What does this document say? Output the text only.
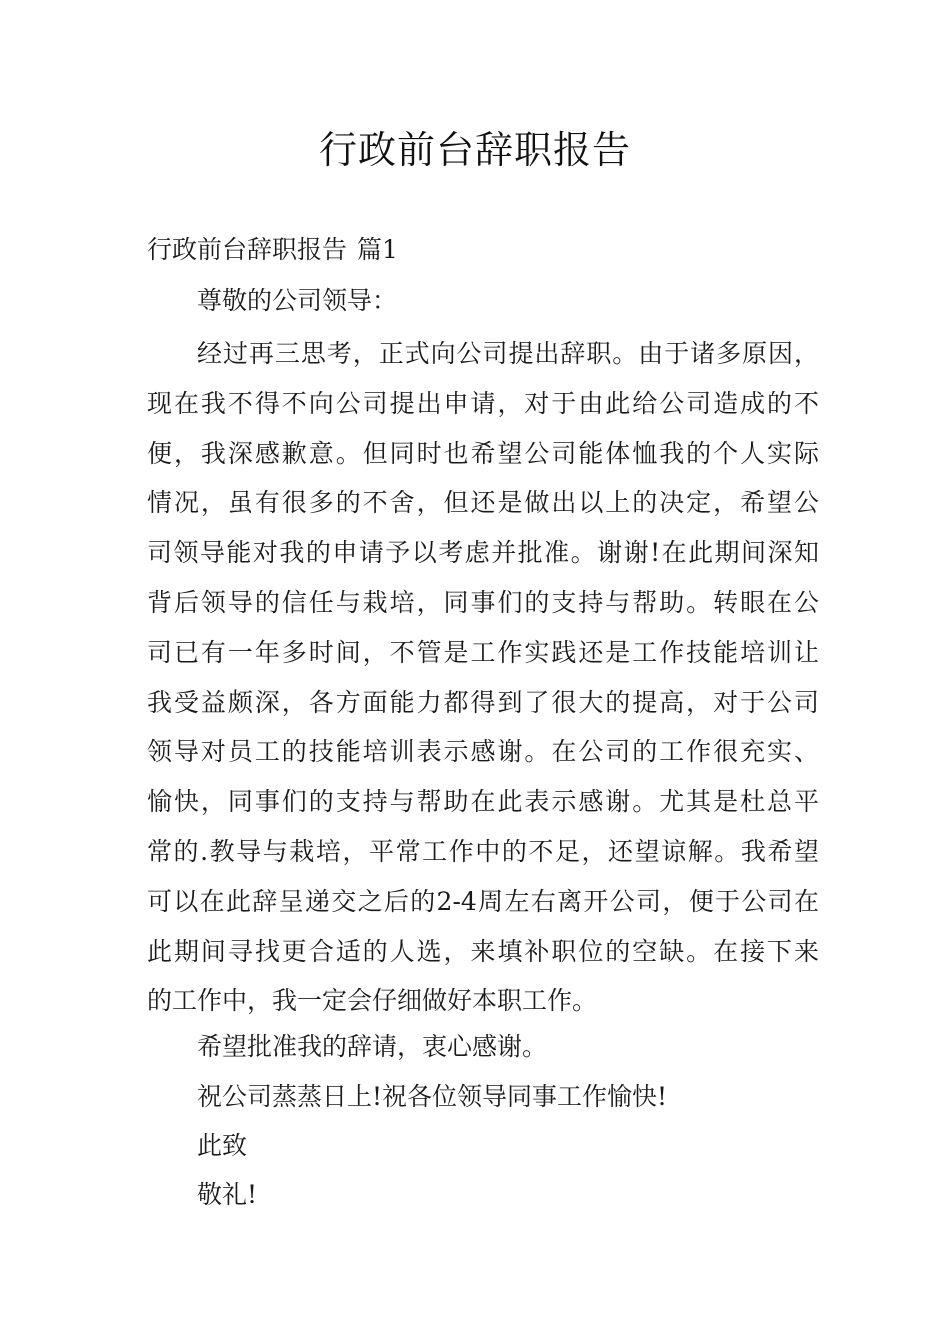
行政前台辞职报告
行政前台辞职报告 篇1
尊敬的公司领导：
经过再三思考，正式向公司提出辞职。由于诸多原因，
现在我不得不向公司提出申请，对于由此给公司造成的不
便，我深感歉意。但同时也希望公司能体恤我的个人实际
情况，虽有很多的不舍，但还是做出以上的决定，希望公
司领导能对我的申请予以考虑并批准。谢谢!在此期间深知
背后领导的信任与栽培，同事们的支持与帮助。转眼在公
司已有一年多时间，不管是工作实践还是工作技能培训让
我受益颇深，各方面能力都得到了很大的提高，对于公司
领导对员工的技能培训表示感谢。在公司的工作很充实、
愉快，同事们的支持与帮助在此表示感谢。尤其是杜总平
常的.教导与栽培，平常工作中的不足，还望谅解。我希望
可以在此辞呈递交之后的2-4周左右离开公司，便于公司在
此期间寻找更合适的人选，来填补职位的空缺。在接下来
的工作中，我一定会仔细做好本职工作。
希望批准我的辞请，衷心感谢。
祝公司蒸蒸日上!祝各位领导同事工作愉快!
此致
敬礼!
